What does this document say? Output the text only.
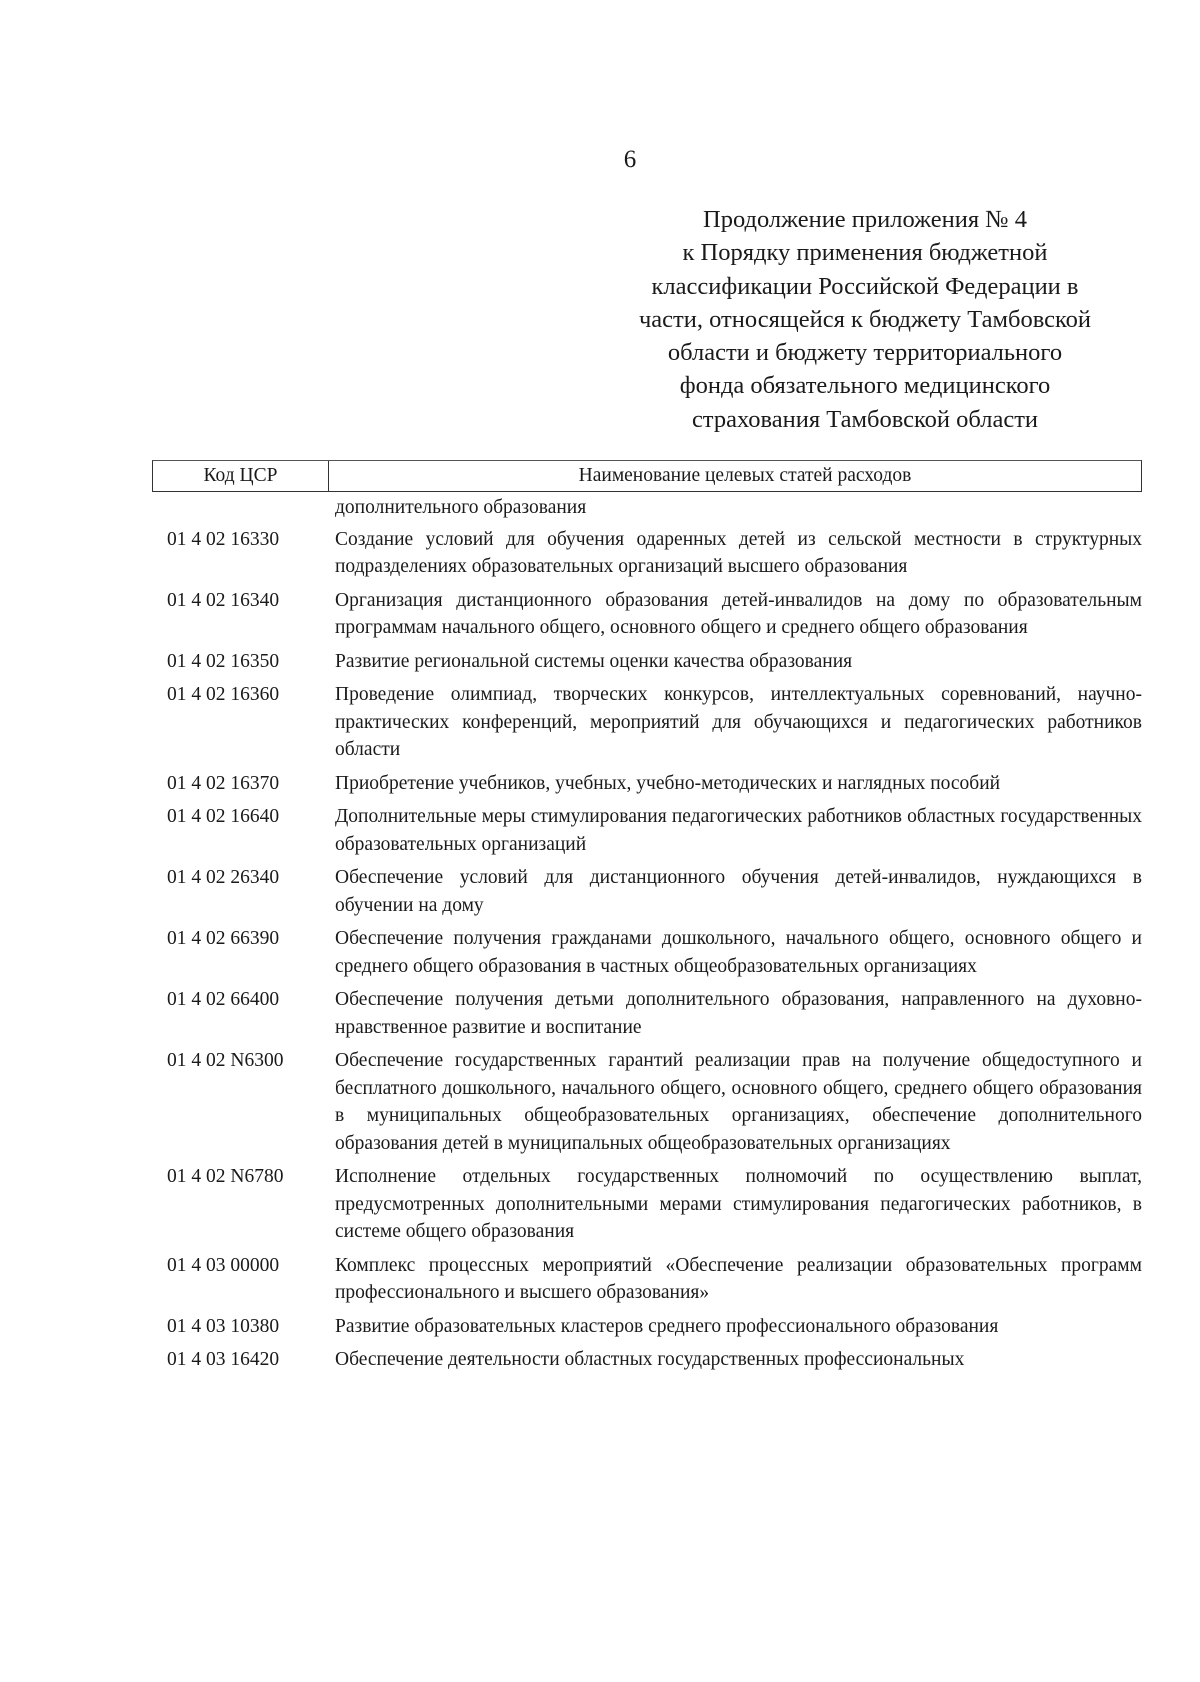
6
Продолжение приложения № 4
к Порядку применения бюджетной
классификации Российской Федерации в
части, относящейся к бюджету Тамбовской
области и бюджету территориального
фонда обязательного медицинского
страхования Тамбовской области
Код ЦСР	Наименование целевых статей расходов
дополнительного образования
01 4 02 16330	Создание условий для обучения одаренных детей из сельской местности в структурных подразделениях образовательных организаций высшего образования
01 4 02 16340	Организация дистанционного образования детей-инвалидов на дому по образовательным программам начального общего, основного общего и среднего общего образования
01 4 02 16350	Развитие региональной системы оценки качества образования
01 4 02 16360	Проведение олимпиад, творческих конкурсов, интеллектуальных соревнований, научно-практических конференций, мероприятий для обучающихся и педагогических работников области
01 4 02 16370	Приобретение учебников, учебных, учебно-методических и наглядных пособий
01 4 02 16640	Дополнительные меры стимулирования педагогических работников областных государственных образовательных организаций
01 4 02 26340	Обеспечение условий для дистанционного обучения детей-инвалидов, нуждающихся в обучении на дому
01 4 02 66390	Обеспечение получения гражданами дошкольного, начального общего, основного общего и среднего общего образования в частных общеобразовательных организациях
01 4 02 66400	Обеспечение получения детьми дополнительного образования, направленного на духовно-нравственное развитие и воспитание
01 4 02 N6300	Обеспечение государственных гарантий реализации прав на получение общедоступного и бесплатного дошкольного, начального общего, основного общего, среднего общего образования в муниципальных общеобразовательных организациях, обеспечение дополнительного образования детей в муниципальных общеобразовательных организациях
01 4 02 N6780	Исполнение отдельных государственных полномочий по осуществлению выплат, предусмотренных дополнительными мерами стимулирования педагогических работников, в системе общего образования
01 4 03 00000	Комплекс процессных мероприятий «Обеспечение реализации образовательных программ профессионального и высшего образования»
01 4 03 10380	Развитие образовательных кластеров среднего профессионального образования
01 4 03 16420	Обеспечение деятельности областных государственных профессиональных
